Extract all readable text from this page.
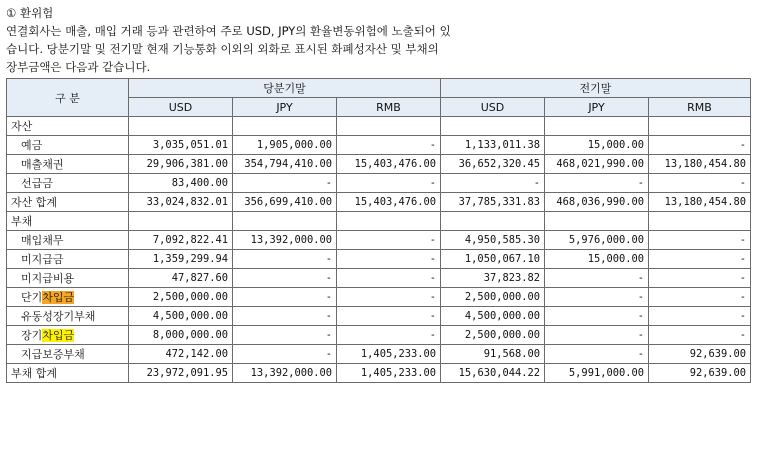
① 환위험

연결회사는 매출, 매입 거래 등과 관련하여 주로 USD, JPY의 환율변동위험에 노출되어 있

습니다. 당분기말 및 전기말 현재 기능통화 이외의 외화로 표시된 화폐성자산 및 부채의

장부금액은 다음과 같습니다.

구 분	당분기말			전기말		
	USD	JPY	RMB	USD	JPY	RMB
자산						
예금	3,035,051.01	1,905,000.00	-	1,133,011.38	15,000.00	-
매출채권	29,906,381.00	354,794,410.00	15,403,476.00	36,652,320.45	468,021,990.00	13,180,454.80
선급금	83,400.00	-	-	-	-	-
자산 합계	33,024,832.01	356,699,410.00	15,403,476.00	37,785,331.83	468,036,990.00	13,180,454.80
부채						
매입채무	7,092,822.41	13,392,000.00	-	4,950,585.30	5,976,000.00	-
미지급금	1,359,299.94	-	-	1,050,067.10	15,000.00	-
미지급비용	47,827.60	-	-	37,823.82	-	-
단기차입금	2,500,000.00	-	-	2,500,000.00	-	-
유동성장기부채	4,500,000.00	-	-	4,500,000.00	-	-
장기차입금	8,000,000.00	-	-	2,500,000.00	-	-
지급보증부채	472,142.00	-	1,405,233.00	91,568.00	-	92,639.00
부채 합계	23,972,091.95	13,392,000.00	1,405,233.00	15,630,044.22	5,991,000.00	92,639.00
